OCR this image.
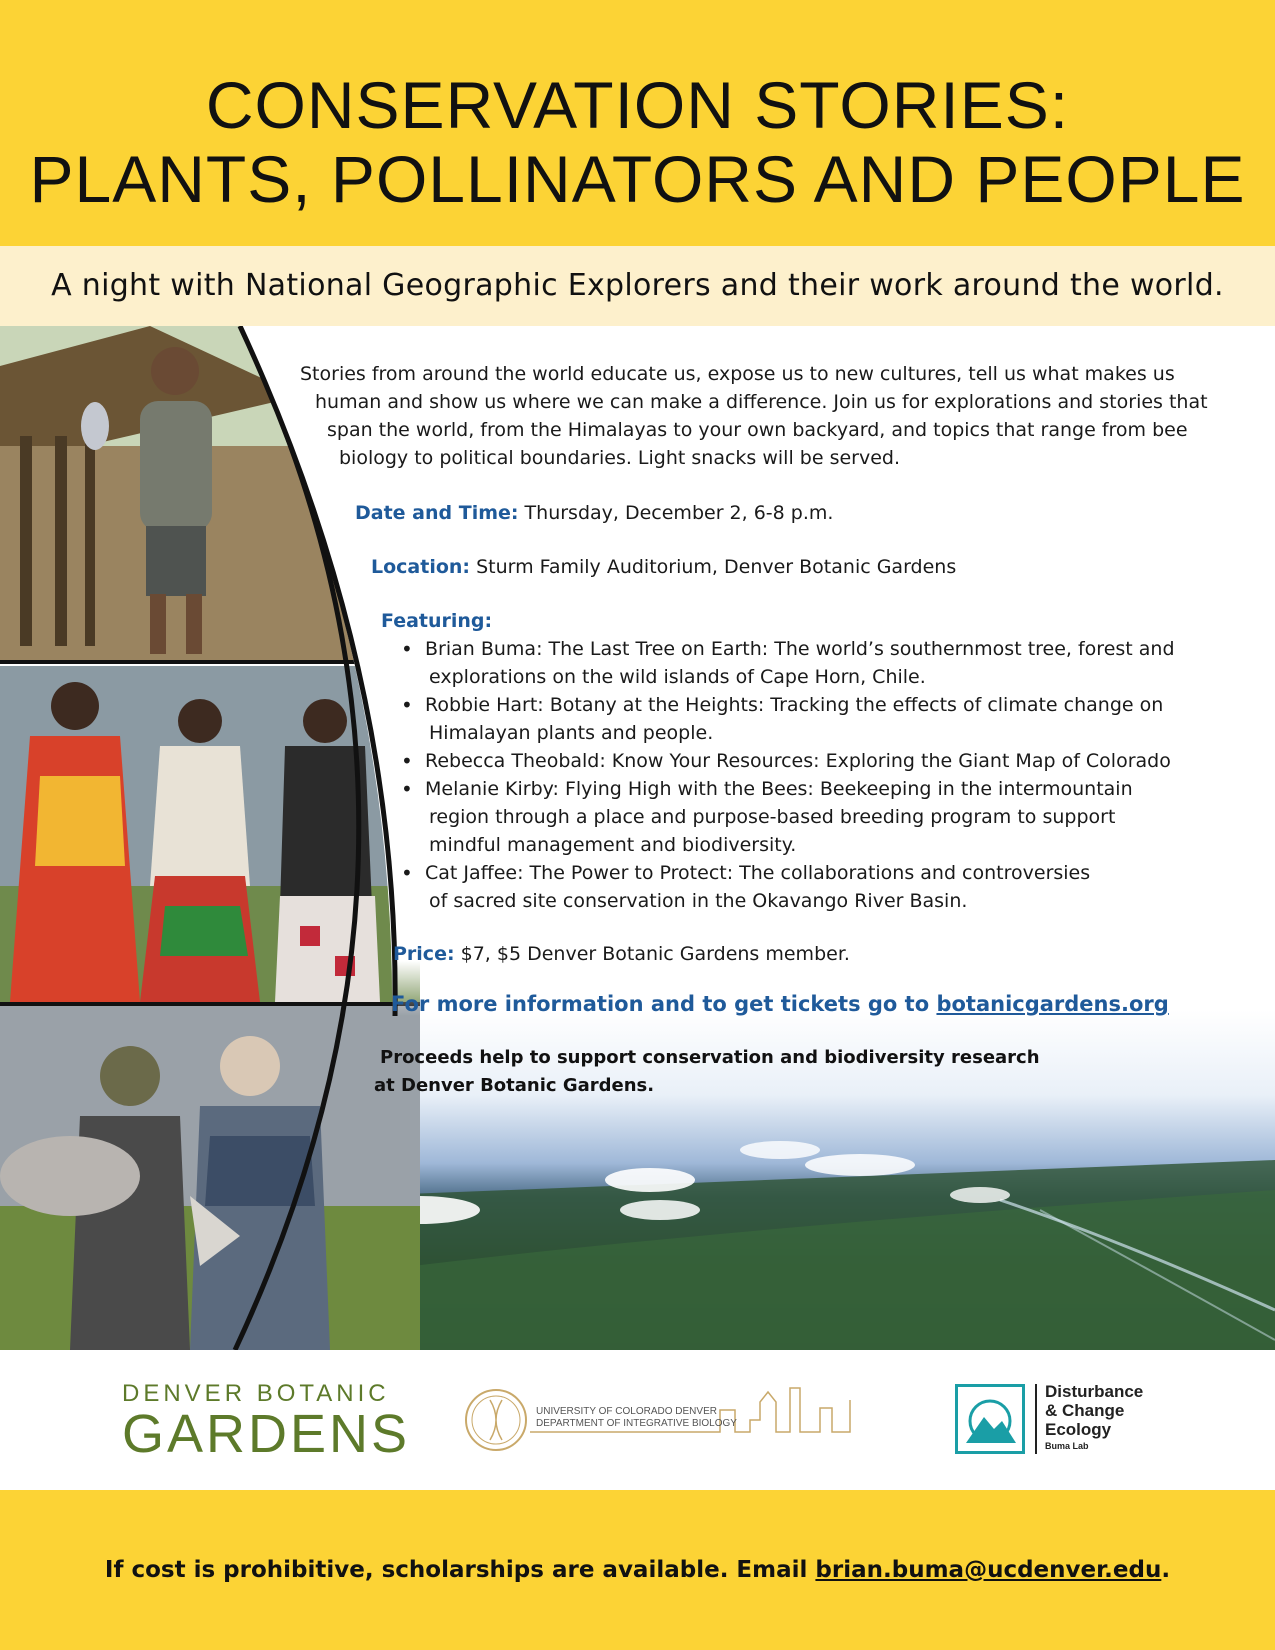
CONSERVATION STORIES:
PLANTS, POLLINATORS AND PEOPLE

A night with National Geographic Explorers and their work around the world.

Stories from around the world educate us, expose us to new cultures, tell us what makes us

human and show us where we can make a difference. Join us for explorations and stories that

span the world, from the Himalayas to your own backyard, and topics that range from bee

biology to political boundaries. Light snacks will be served.

Date and Time: Thursday, December 2, 6-8 p.m.
Location: Sturm Family Auditorium, Denver Botanic Gardens
Featuring:
• Brian Buma: The Last Tree on Earth: The world’s southernmost tree, forest and
explorations on the wild islands of Cape Horn, Chile.
• Robbie Hart: Botany at the Heights: Tracking the effects of climate change on
Himalayan plants and people.
• Rebecca Theobald: Know Your Resources: Exploring the Giant Map of Colorado
• Melanie Kirby: Flying High with the Bees: Beekeeping in the intermountain
region through a place and purpose-based breeding program to support
mindful management and biodiversity.
• Cat Jaffee: The Power to Protect: The collaborations and controversies
of sacred site conservation in the Okavango River Basin.
Price: $7, $5 Denver Botanic Gardens member.
For more information and to get tickets go to botanicgardens.org
Proceeds help to support conservation and biodiversity research
at Denver Botanic Gardens.
DENVER BOTANIC
GARDENS	UNIVERSITY OF COLORADO DENVER
DEPARTMENT OF INTEGRATIVE BIOLOGY
Disturbance
& Change
Ecology
Buma Lab

If cost is prohibitive, scholarships are available. Email brian.buma@ucdenver.edu.
